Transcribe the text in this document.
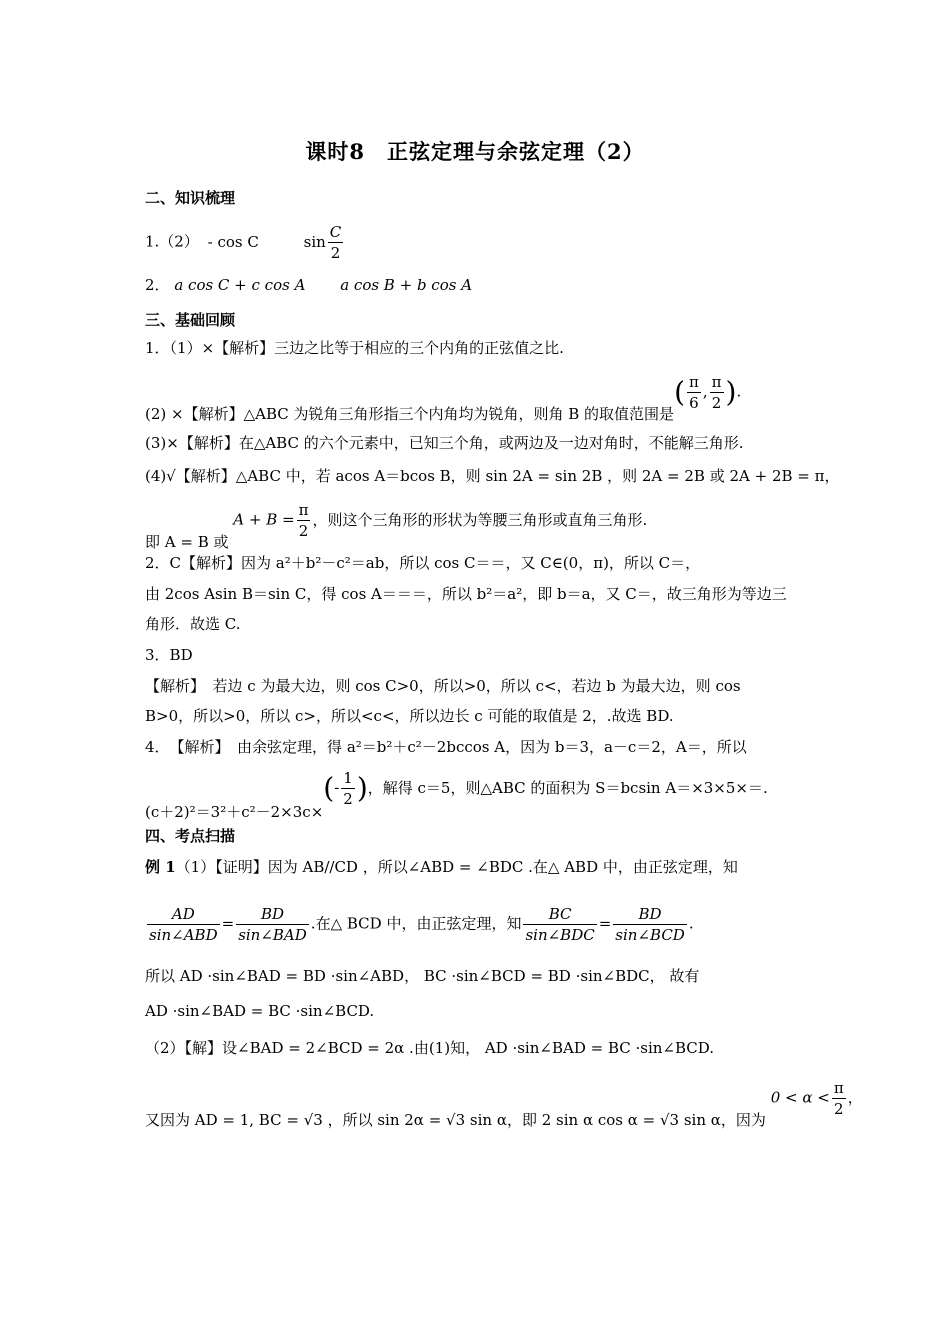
课时8　正弦定理与余弦定理（2）
二、知识梳理
1.（2） - cos C	$\sin \frac{C}{2}$
2． a cos C + c cos A a cos B + b cos A
三、基础回顾
1．（1）×【解析】三边之比等于相应的三个内角的正弦值之比.
(2) ×【解析】△ABC 为锐角三角形指三个内角均为锐角，则角 B 的取值范围是( $\frac{\pi}{6}$ , $\frac{\pi}{2}$ ).
(3)×【解析】在△ABC 的六个元素中，已知三个角，或两边及一边对角时，不能解三角形.
(4)√【解析】△ABC 中，若 acos A＝bcos B，则 sin 2A = sin 2B ，则 2A = 2B 或 2A + 2B = π，
即 A = B 或 $A + B = \frac{\pi}{2}$ ，则这个三角形的形状为等腰三角形或直角三角形.
2．C【解析】因为 a²＋b²－c²＝ab，所以 cos C＝＝，又 C∈(0，π)，所以 C＝，
由 2cos Asin B＝sin C，得 cos A＝＝＝，所以 b²＝a²，即 b＝a，又 C＝，故三角形为等边三
角形．故选 C.
3．BD
【解析】　若边 c 为最大边，则 cos C>0，所以>0，所以 c<，若边 b 为最大边，则 cos
B>0，所以>0，所以 c>，所以<c<，所以边长 c 可能的取值是 2，.故选 BD.
4．　【解析】　由余弦定理，得 a²＝b²＋c²－2bccos A，因为 b＝3，a－c＝2，A＝，所以
$(c+2)^2=3^2+c^2-2\times 3c\times(- \frac{1}{2}$ )，解得 c＝5，则△ABC 的面积为 S＝bcsin A＝×3×5×＝.
四、考点扫描
例 1（1）【证明】因为 AB//CD ，所以∠ABD = ∠BDC .在△ ABD 中，由正弦定理，知
$\frac{AD}{\text{sin∠ABD}} = \frac{BD}{\text{sin∠BAD}}$ .在△ BCD 中，由正弦定理，知 $\frac{BC}{\text{sin∠BDC}} = \frac{BD}{\text{sin∠BCD}}$ .
所以 AD ·sin∠BAD = BD ·sin∠ABD， BC ·sin∠BCD = BD ·sin∠BDC， 故有
AD ·sin∠BAD = BC ·sin∠BCD.
（2）【解】设∠BAD = 2∠BCD = 2α .由(1)知， AD ·sin∠BAD = BC ·sin∠BCD.
又因为 AD = 1, BC = √3 ，所以 sin 2α = √3 sin α，即 2 sin α cos α = √3 sin α，因为 $0 < \alpha < \frac{\pi}{2}$ ，
